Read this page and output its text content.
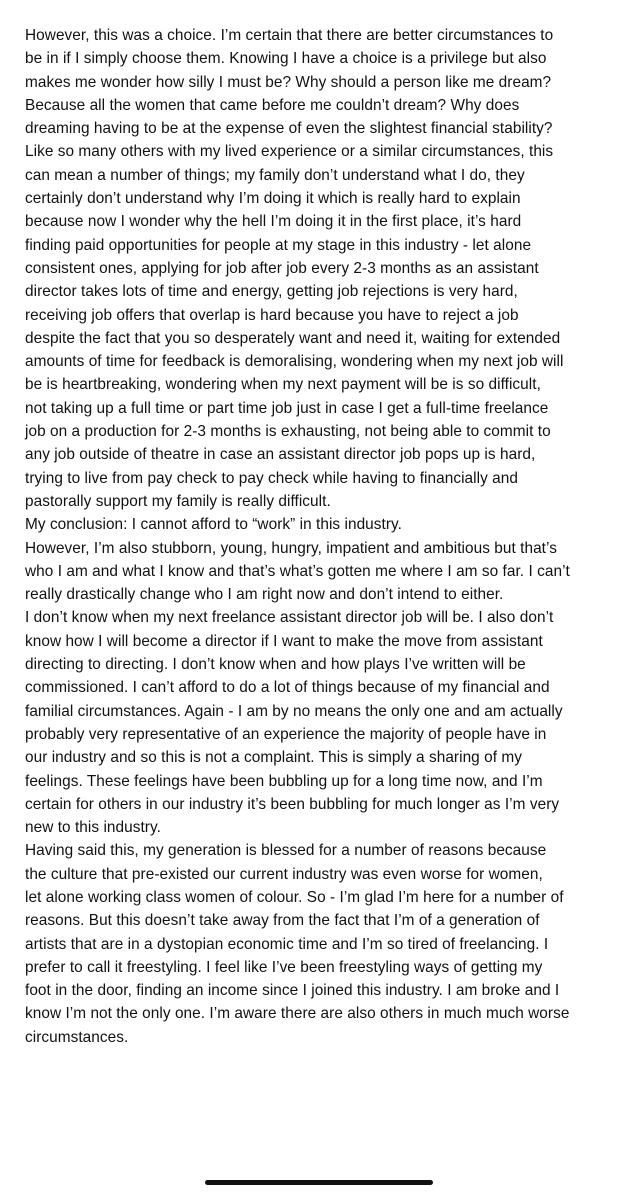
However, this was a choice. I’m certain that there are better circumstances to
be in if I simply choose them. Knowing I have a choice is a privilege but also
makes me wonder how silly I must be? Why should a person like me dream?
Because all the women that came before me couldn’t dream? Why does
dreaming having to be at the expense of even the slightest financial stability?

Like so many others with my lived experience or a similar circumstances, this
can mean a number of things; my family don’t understand what I do, they
certainly don’t understand why I’m doing it which is really hard to explain
because now I wonder why the hell I’m doing it in the first place, it’s hard
finding paid opportunities for people at my stage in this industry - let alone
consistent ones, applying for job after job every 2-3 months as an assistant
director takes lots of time and energy, getting job rejections is very hard,
receiving job offers that overlap is hard because you have to reject a job
despite the fact that you so desperately want and need it, waiting for extended
amounts of time for feedback is demoralising, wondering when my next job will
be is heartbreaking, wondering when my next payment will be is so difficult,
not taking up a full time or part time job just in case I get a full-time freelance
job on a production for 2-3 months is exhausting, not being able to commit to
any job outside of theatre in case an assistant director job pops up is hard,
trying to live from pay check to pay check while having to financially and
pastorally support my family is really difficult.

My conclusion: I cannot afford to “work” in this industry.

However, I’m also stubborn, young, hungry, impatient and ambitious but that’s
who I am and what I know and that’s what’s gotten me where I am so far. I can’t
really drastically change who I am right now and don’t intend to either.

I don’t know when my next freelance assistant director job will be. I also don’t
know how I will become a director if I want to make the move from assistant
directing to directing. I don’t know when and how plays I’ve written will be
commissioned. I can’t afford to do a lot of things because of my financial and
familial circumstances. Again - I am by no means the only one and am actually
probably very representative of an experience the majority of people have in
our industry and so this is not a complaint. This is simply a sharing of my
feelings. These feelings have been bubbling up for a long time now, and I’m
certain for others in our industry it’s been bubbling for much longer as I’m very
new to this industry.

Having said this, my generation is blessed for a number of reasons because
the culture that pre-existed our current industry was even worse for women,
let alone working class women of colour. So - I’m glad I’m here for a number of
reasons. But this doesn’t take away from the fact that I’m of a generation of
artists that are in a dystopian economic time and I’m so tired of freelancing. I
prefer to call it freestyling. I feel like I’ve been freestyling ways of getting my
foot in the door, finding an income since I joined this industry. I am broke and I
know I’m not the only one. I’m aware there are also others in much much worse
circumstances.
